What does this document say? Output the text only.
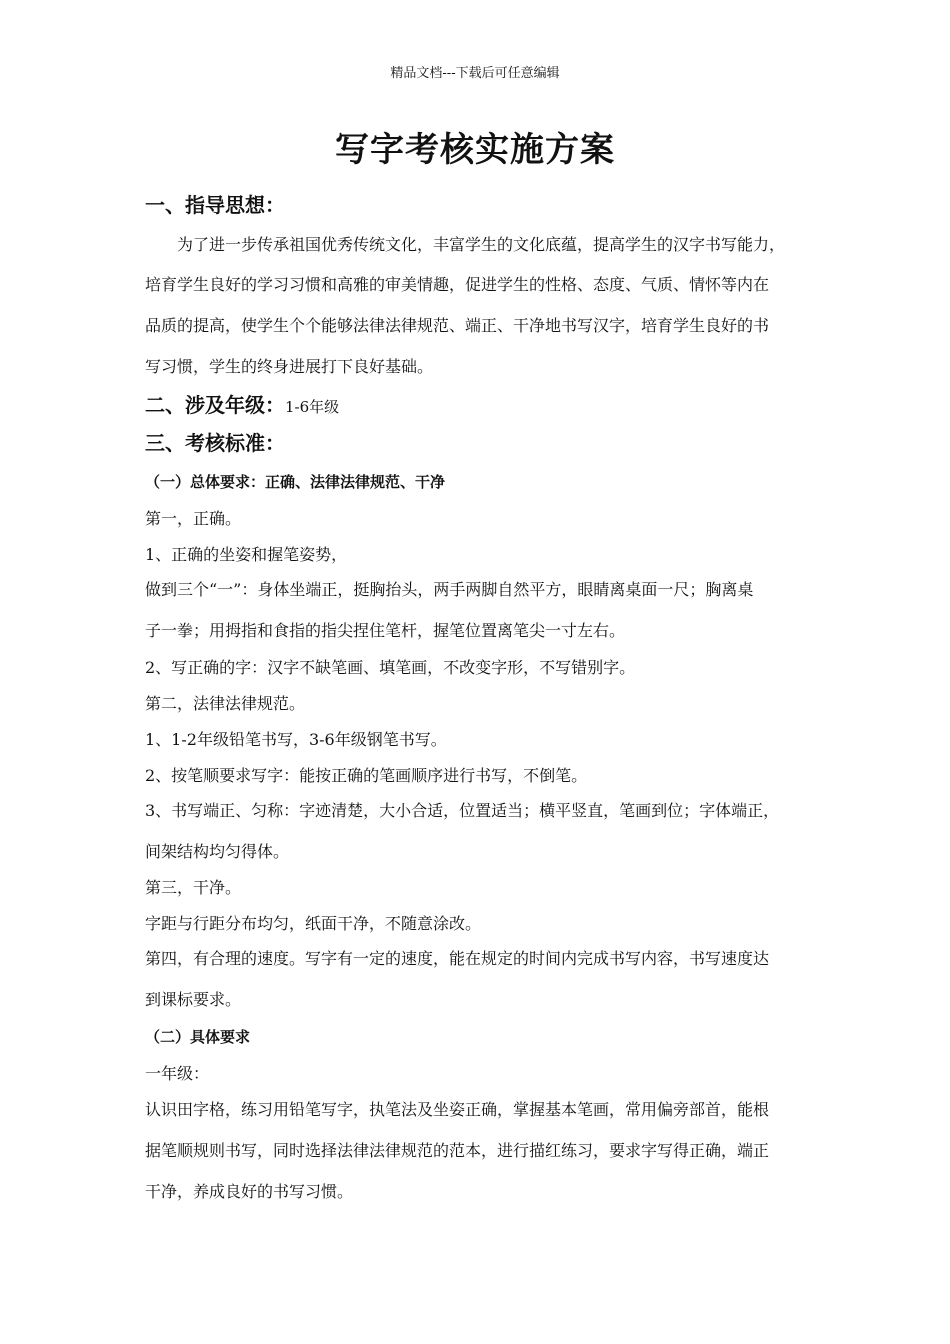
精品文档---下载后可任意编辑
写字考核实施方案
一、指导思想：
为了进一步传承祖国优秀传统文化，丰富学生的文化底蕴，提高学生的汉字书写能力，
培育学生良好的学习习惯和高雅的审美情趣，促进学生的性格、态度、气质、情怀等内在
品质的提高，使学生个个能够法律法律规范、端正、干净地书写汉字，培育学生良好的书
写习惯，学生的终身进展打下良好基础。
二、涉及年级：1-6年级
三、考核标准：
（一）总体要求：正确、法律法律规范、干净
第一，正确。
1、正确的坐姿和握笔姿势，
做到三个“一”：身体坐端正，挺胸抬头，两手两脚自然平方，眼睛离桌面一尺；胸离桌
子一拳；用拇指和食指的指尖捏住笔杆，握笔位置离笔尖一寸左右。
2、写正确的字：汉字不缺笔画、填笔画，不改变字形，不写错别字。
第二，法律法律规范。
1、1-2年级铅笔书写，3-6年级钢笔书写。
2、按笔顺要求写字：能按正确的笔画顺序进行书写，不倒笔。
3、书写端正、匀称：字迹清楚，大小合适，位置适当；横平竖直，笔画到位；字体端正，
间架结构均匀得体。
第三，干净。
字距与行距分布均匀，纸面干净，不随意涂改。
第四，有合理的速度。写字有一定的速度，能在规定的时间内完成书写内容，书写速度达
到课标要求。
（二）具体要求
一年级：
认识田字格，练习用铅笔写字，执笔法及坐姿正确，掌握基本笔画，常用偏旁部首，能根
据笔顺规则书写，同时选择法律法律规范的范本，进行描红练习，要求字写得正确，端正
干净，养成良好的书写习惯。
